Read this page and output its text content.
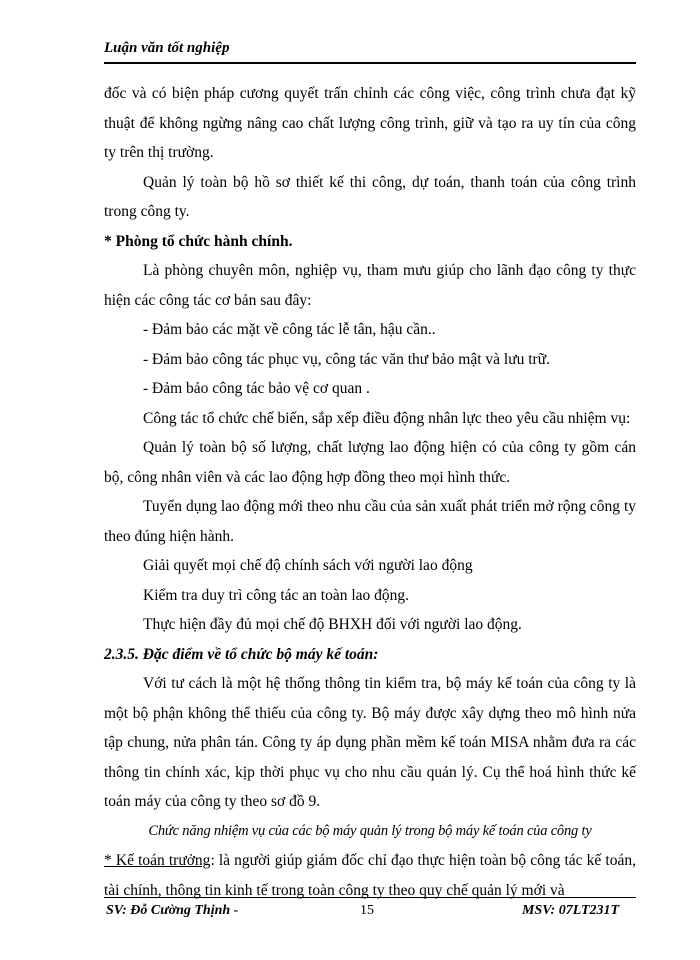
Luận văn tốt nghiệp

đốc và có biện pháp cương quyết trấn chỉnh các công việc, công trình chưa đạt kỹ thuật để không ngừng nâng cao chất lượng công trình, giữ và tạo ra uy tín của công ty trên thị trường.

Quản lý toàn bộ hồ sơ thiết kế thi công, dự toán, thanh toán của công trình trong công ty.

* Phòng tổ chức hành chính.

Là phòng chuyên môn, nghiệp vụ, tham mưu giúp cho lãnh đạo công ty thực hiện các công tác cơ bản sau đây:

- Đảm bảo các mặt về công tác lễ tân, hậu cần..

- Đảm bảo công tác phục vụ, công tác văn thư bảo mật và lưu trữ.

- Đảm bảo công tác bảo vệ cơ quan .

Công tác tổ chức chế biến, sắp xếp điều động nhân lực theo yêu cầu nhiệm vụ:

Quản lý toàn bộ số lượng, chất lượng lao động hiện có của công ty gồm cán bộ, công nhân viên và các lao động hợp đồng theo mọi hình thức.

Tuyển dụng lao động mới theo nhu cầu của sản xuất phát triển mở rộng công ty theo đúng hiện hành.

Giải quyết mọi chế độ chính sách với người lao động

Kiểm tra duy trì công tác an toàn lao động.

Thực hiện đầy đủ mọi chế độ BHXH đối với người lao động.

2.3.5. Đặc điểm về tổ chức bộ máy kế toán:

Với tư cách là một hệ thống thông tin kiểm tra, bộ máy kế toán của công ty là một bộ phận không thể thiếu của công ty. Bộ máy được xây dựng theo mô hình nửa tập chung, nửa phân tán. Công ty áp dụng phần mềm kế toán MISA nhằm đưa ra các thông tin chính xác, kịp thời phục vụ cho nhu cầu quản lý. Cụ thể hoá hình thức kế toán máy của công ty theo sơ đồ 9.

Chức năng nhiệm vụ của các bộ máy quản lý trong bộ máy kế toán của công ty

* Kế toán trưởng: là người giúp giám đốc chỉ đạo thực hiện toàn bộ công tác kế toán, tài chính, thông tin kinh tế trong toàn công ty theo quy chế quản lý mới và

SV: Đỗ Cường Thịnh -	15	MSV: 07LT231T
